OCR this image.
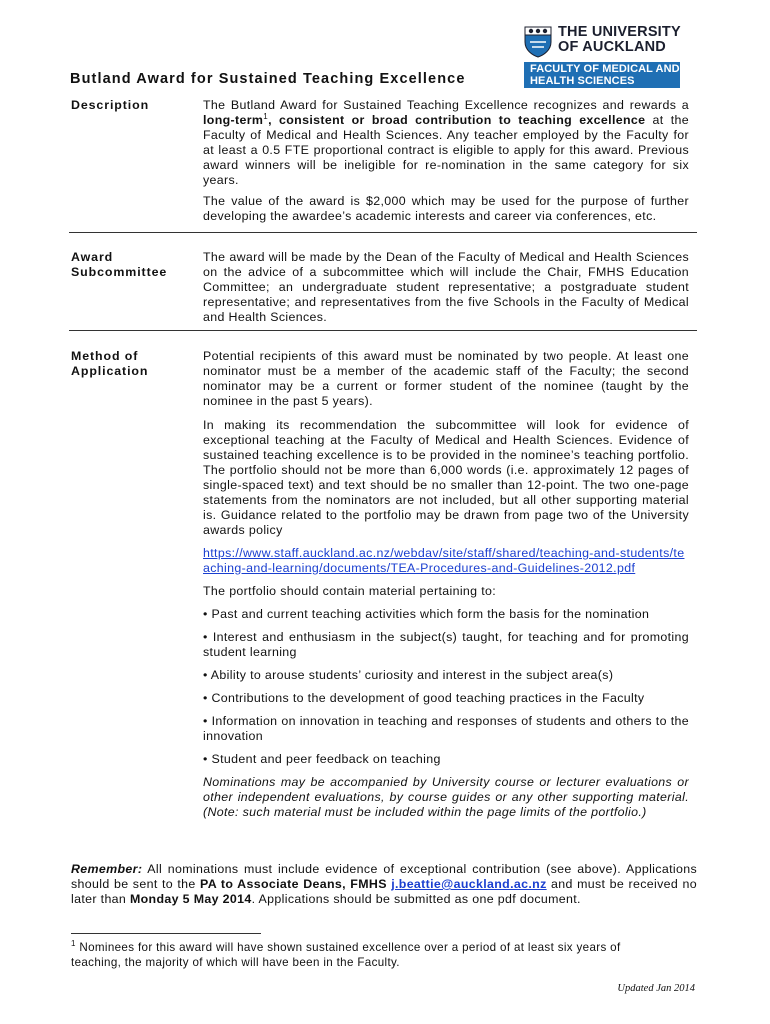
THE UNIVERSITY OF AUCKLAND
FACULTY OF MEDICAL AND HEALTH SCIENCES
Butland Award for Sustained Teaching Excellence
Description	The Butland Award for Sustained Teaching Excellence recognizes and rewards a long-term$^1$, consistent or broad contribution to teaching excellence at the Faculty of Medical and Health Sciences. Any teacher employed by the Faculty for at least a 0.5 FTE proportional contract is eligible to apply for this award. Previous award winners will be ineligible for re-nomination in the same category for six years.

The value of the award is $2,000 which may be used for the purpose of further developing the awardee’s academic interests and career via conferences, etc.

Award
Subcommittee

The award will be made by the Dean of the Faculty of Medical and Health Sciences on the advice of a subcommittee which will include the Chair, FMHS Education Committee; an undergraduate student representative; a postgraduate student representative; and representatives from the five Schools in the Faculty of Medical and Health Sciences.

Method of
Application

Potential recipients of this award must be nominated by two people. At least one nominator must be a member of the academic staff of the Faculty; the second nominator may be a current or former student of the nominee (taught by the nominee in the past 5 years).

In making its recommendation the subcommittee will look for evidence of exceptional teaching at the Faculty of Medical and Health Sciences. Evidence of sustained teaching excellence is to be provided in the nominee’s teaching portfolio. The portfolio should not be more than 6,000 words (i.e. approximately 12 pages of single-spaced text) and text should be no smaller than 12-point. The two one-page statements from the nominators are not included, but all other supporting material is. Guidance related to the portfolio may be drawn from page two of the University awards policy

https://www.staff.auckland.ac.nz/webdav/site/staff/shared/teaching-and-students/teaching-and-learning/documents/TEA-Procedures-and-Guidelines-2012.pdf

The portfolio should contain material pertaining to:

• Past and current teaching activities which form the basis for the nomination
• Interest and enthusiasm in the subject(s) taught, for teaching and for promoting student learning
• Ability to arouse students’ curiosity and interest in the subject area(s)
• Contributions to the development of good teaching practices in the Faculty
• Information on innovation in teaching and responses of students and others to the innovation
• Student and peer feedback on teaching

Nominations may be accompanied by University course or lecturer evaluations or other independent evaluations, by course guides or any other supporting material. (Note: such material must be included within the page limits of the portfolio.)

Remember: All nominations must include evidence of exceptional contribution (see above). Applications should be sent to the PA to Associate Deans, FMHS j.beattie@auckland.ac.nz and must be received no later than Monday 5 May 2014. Applications should be submitted as one pdf document.
$^1$ Nominees for this award will have shown sustained excellence over a period of at least six years of teaching, the majority of which will have been in the Faculty.
Updated Jan 2014
